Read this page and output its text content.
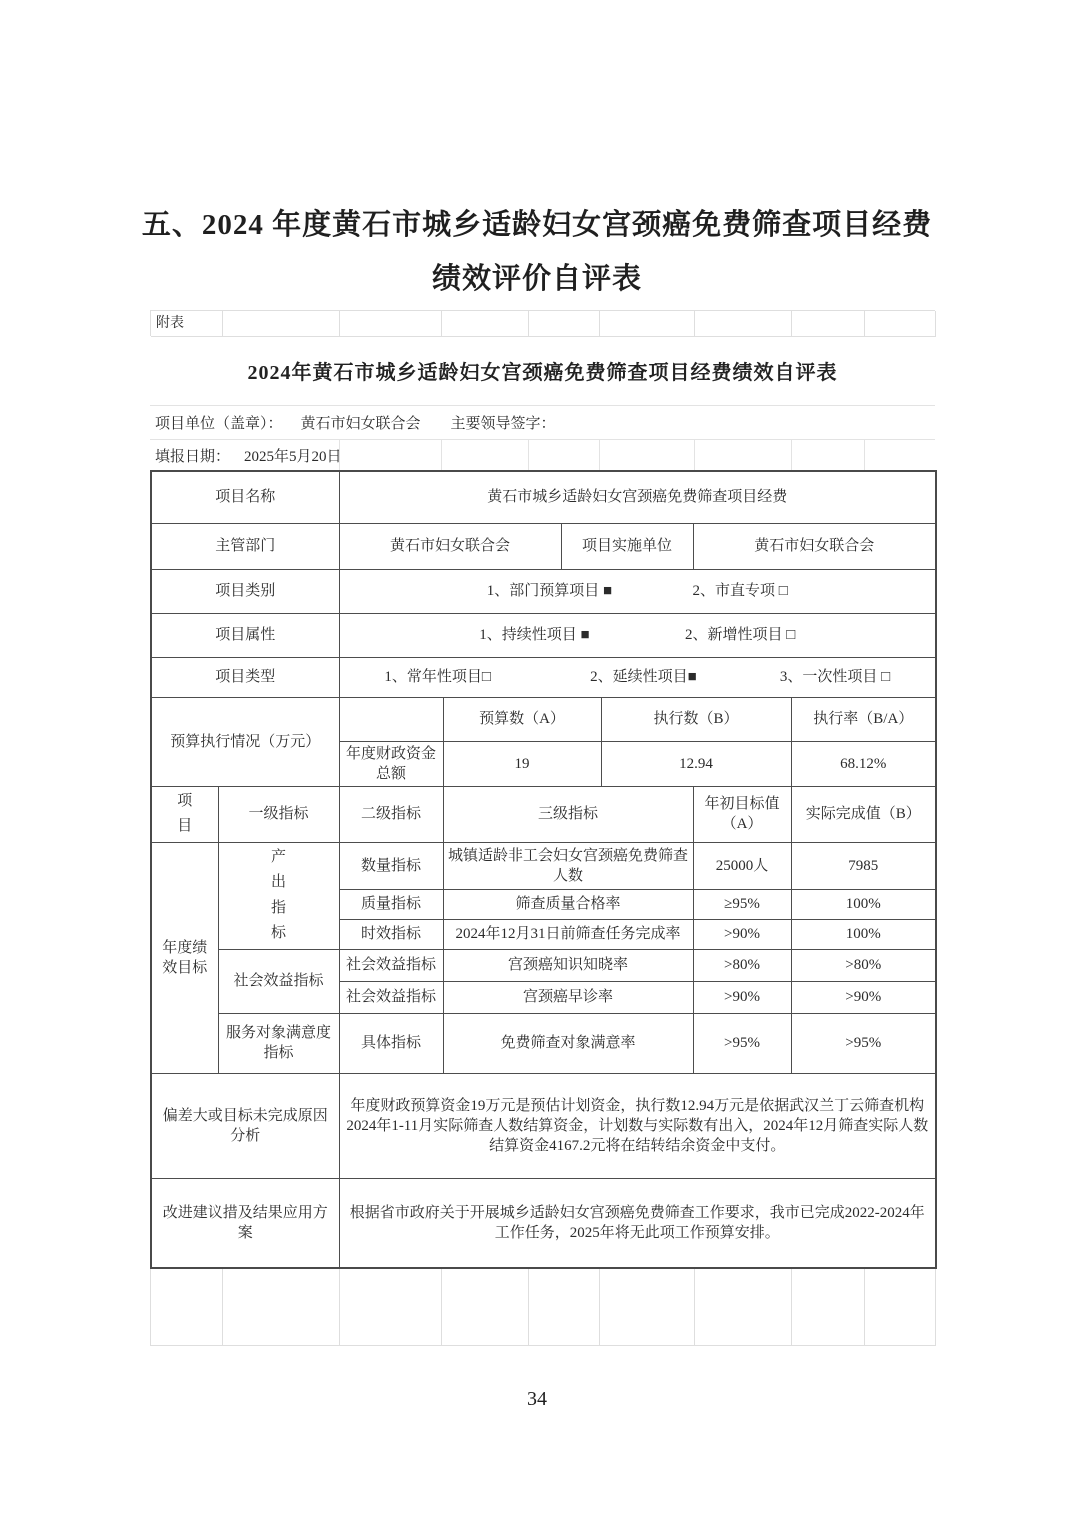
五、2024 年度黄石市城乡适龄妇女宫颈癌免费筛查项目经费
绩效评价自评表
附表
2024年黄石市城乡适龄妇女宫颈癌免费筛查项目经费绩效自评表
项目单位（盖章）： 黄石市妇女联合会 主要领导签字：
填报日期： 2025年5月20日
项目名称		黄石市城乡适龄妇女宫颈癌免费筛查项目经费					
主管部门		黄石市妇女联合会		项目实施单位		黄石市妇女联合会	
项目类别		1、部门预算项目 ■ 2、市直专项 □					
项目属性		1、持续性项目 ■ 2、新增性项目 □					
项目类型		1、常年性项目□ 2、延续性项目■ 3、一次性项目 □					
预算执行情况（万元）			预算数（A）		执行数（B）		执行率（B/A）
		年度财政资金总额	19		12.94		68.12%
项目	一级指标	二级指标	三级指标			年初目标值（A）	实际完成值（B）
年度绩效目标	产出指标	数量指标	城镇适龄非工会妇女宫颈癌免费筛查人数			25000人	7985
		质量指标	筛查质量合格率			≥95%	100%
		时效指标	2024年12月31日前筛查任务完成率			>90%	100%
	社会效益指标	社会效益指标	宫颈癌知识知晓率			>80%	>80%
		社会效益指标	宫颈癌早诊率			>90%	>90%
	服务对象满意度指标	具体指标	免费筛查对象满意率			>95%	>95%
偏差大或目标未完成原因分析		年度财政预算资金19万元是预估计划资金，执行数12.94万元是依据武汉兰丁云筛查机构2024年1-11月实际筛查人数结算资金，计划数与实际数有出入，2024年12月筛查实际人数结算资金4167.2元将在结转结余资金中支付。					
改进建议措及结果应用方案		根据省市政府关于开展城乡适龄妇女宫颈癌免费筛查工作要求，我市已完成2022-2024年工作任务，2025年将无此项工作预算安排。					
34
